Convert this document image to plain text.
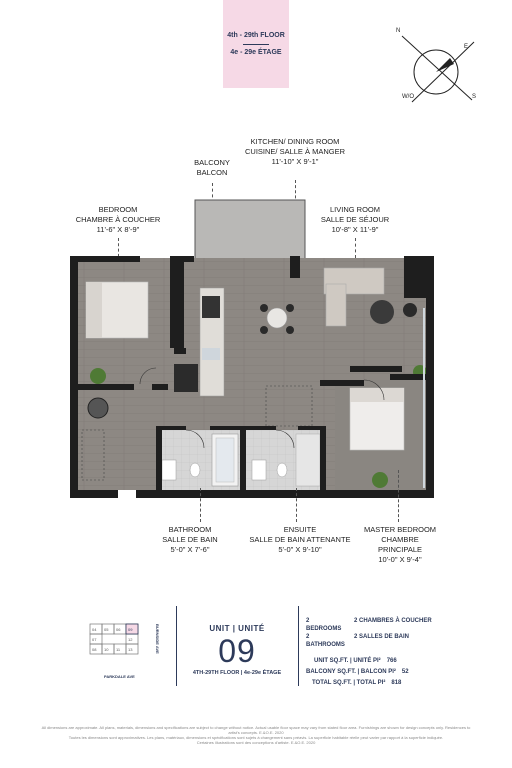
4th - 29th FLOOR
4e - 29e ÉTAGE
N
E
S
W/O
BALCONY
BALCON
KITCHEN/ DINING ROOM
CUISINE/ SALLE À MANGER
11'-10" X 9'-1"
BEDROOM
CHAMBRE À COUCHER
11'-6" X 8'-9"
LIVING ROOM
SALLE DE SÉJOUR
10'-8" X 11'-9"
BATHROOM
SALLE DE BAIN
5'-0" X 7'-6"
ENSUITE
SALLE DE BAIN ATTENANTE
5'-0" X 9'-10"
MASTER BEDROOM
CHAMBRE
PRINCIPALE
10'-0" X 9'-4"
04 05 06 09
07
08 10 11
12
13	BURNSIDE AVE
PARKDALE AVE
UNIT | UNITÉ
09
4TH-29TH FLOOR | 4e-29e ÉTAGE
2 BEDROOMS
2 CHAMBRES À COUCHER
2 BATHROOMS
2 SALLES DE BAIN
UNIT SQ.FT. | UNITÉ PI² 766
BALCONY SQ.FT. | BALCON PI² 52
TOTAL SQ.FT. | TOTAL PI² 818
All dimensions are approximate. All plans, materials, dimensions and specifications are subject to change without notice. Actual usable floor space may vary from stated floor area. Furnishings are shown for design concepts only. Residences to artist's concepts. E.&O.E. 2020
Toutes les dimensions sont approximatives. Les plans, matériaux, dimensions et spécifications sont sujets à changement sans préavis. La superficie habitable réelle peut varier par rapport à la superficie indiquée.
Certaines illustrations sont des conceptions d'artiste. E.&O.E. 2020
